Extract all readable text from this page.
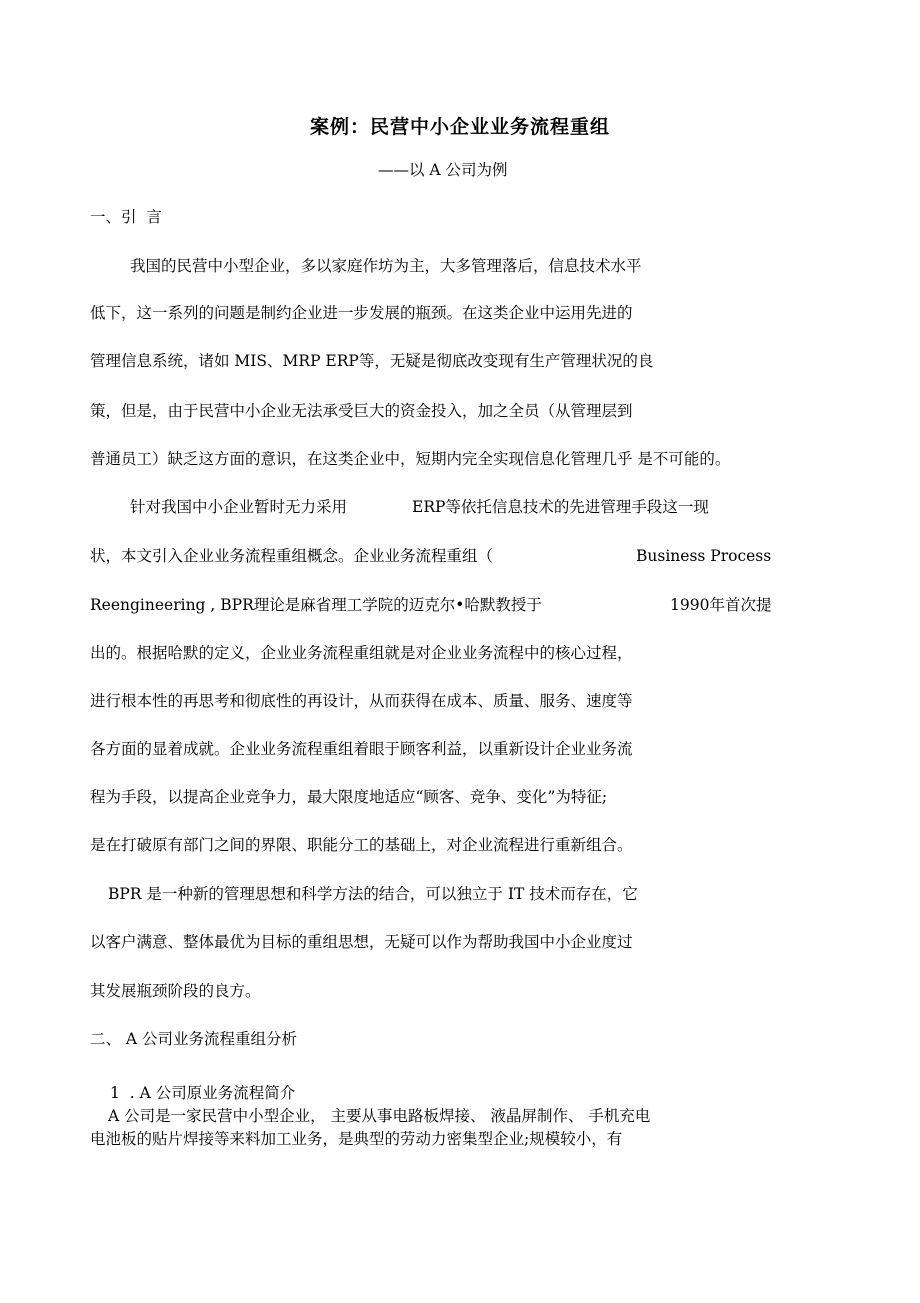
案例：民营中小企业业务流程重组
——以 A 公司为例
一、引  言
我国的民营中小型企业，多以家庭作坊为主，大多管理落后，信息技术水平
低下，这一系列的问题是制约企业进一步发展的瓶颈。在这类企业中运用先进的
管理信息系统，诸如 MIS、MRP ERP等，无疑是彻底改变现有生产管理状况的良
策，但是，由于民营中小企业无法承受巨大的资金投入，加之全员（从管理层到
普通员工）缺乏这方面的意识，在这类企业中，短期内完全实现信息化管理几乎 是不可能的。
针对我国中小企业暂时无力采用	ERP等依托信息技术的先进管理手段这一现
状，本文引入企业业务流程重组概念。企业业务流程重组（	Business Process
Reengineering , BPR理论是麻省理工学院的迈克尔•哈默教授于	1990年首次提
出的。根据哈默的定义，企业业务流程重组就是对企业业务流程中的核心过程，
进行根本性的再思考和彻底性的再设计，从而获得在成本、质量、服务、速度等
各方面的显着成就。企业业务流程重组着眼于顾客利益，以重新设计企业业务流
程为手段，以提高企业竞争力，最大限度地适应“顾客、竞争、变化”为特征;
是在打破原有部门之间的界限、职能分工的基础上，对企业流程进行重新组合。
BPR 是一种新的管理思想和科学方法的结合，可以独立于 IT 技术而存在，它
以客户满意、整体最优为目标的重组思想，无疑可以作为帮助我国中小企业度过
其发展瓶颈阶段的良方。
二、 A 公司业务流程重组分析
1  . A 公司原业务流程简介
A 公司是一家民营中小型企业， 主要从事电路板焊接、 液晶屏制作、 手机充电
电池板的贴片焊接等来料加工业务，是典型的劳动力密集型企业;规模较小，有
